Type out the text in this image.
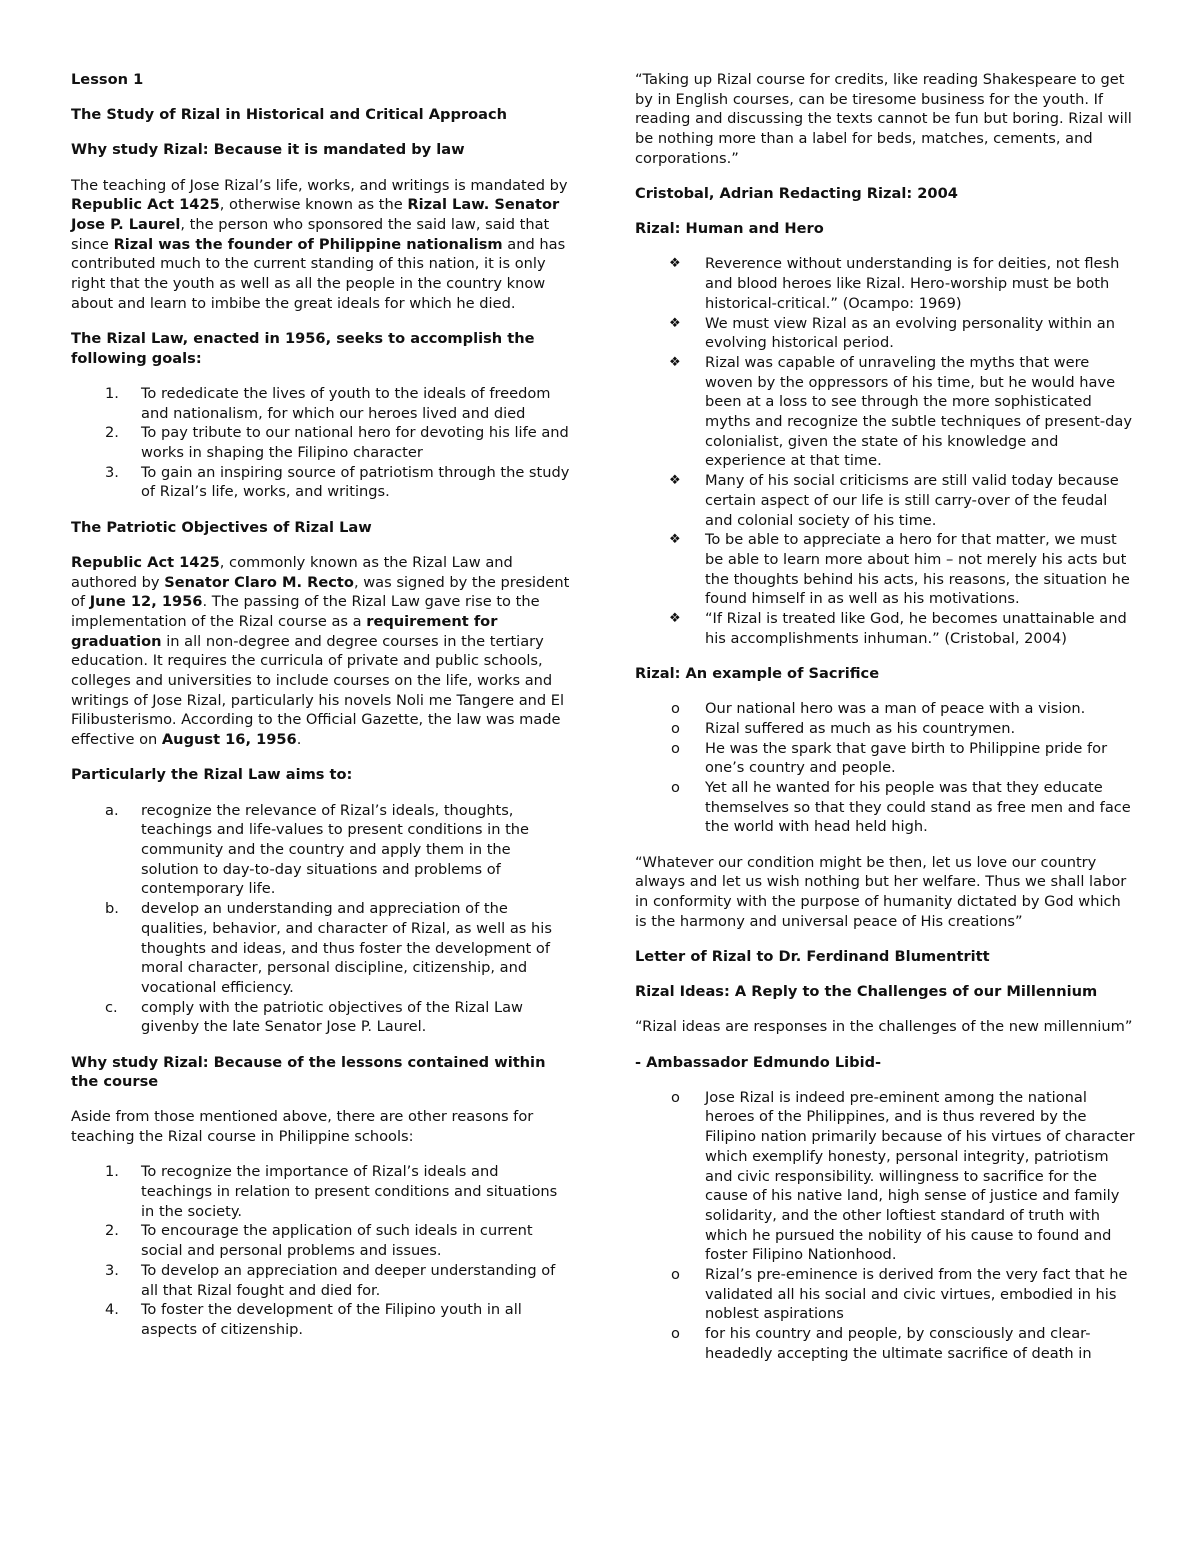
Lesson 1
The Study of Rizal in Historical and Critical Approach
Why study Rizal: Because it is mandated by law

The teaching of Jose Rizal’s life, works, and writings is mandated by Republic Act 1425, otherwise known as the Rizal Law. Senator Jose P. Laurel, the person who sponsored the said law, said that since Rizal was the founder of Philippine nationalism and has contributed much to the current standing of this nation, it is only right that the youth as well as all the people in the country know about and learn to imbibe the great ideals for which he died.

The Rizal Law, enacted in 1956, seeks to accomplish the following goals:
1. To rededicate the lives of youth to the ideals of freedom and nationalism, for which our heroes lived and died
2. To pay tribute to our national hero for devoting his life and works in shaping the Filipino character
3. To gain an inspiring source of patriotism through the study of Rizal’s life, works, and writings.
The Patriotic Objectives of Rizal Law

Republic Act 1425, commonly known as the Rizal Law and authored by Senator Claro M. Recto, was signed by the president of June 12, 1956. The passing of the Rizal Law gave rise to the implementation of the Rizal course as a requirement for graduation in all non-degree and degree courses in the tertiary education. It requires the curricula of private and public schools, colleges and universities to include courses on the life, works and writings of Jose Rizal, particularly his novels Noli me Tangere and El Filibusterismo. According to the Official Gazette, the law was made effective on August 16, 1956.

Particularly the Rizal Law aims to:
a. recognize the relevance of Rizal’s ideals, thoughts, teachings and life-values to present conditions in the community and the country and apply them in the solution to day-to-day situations and problems of contemporary life.
b. develop an understanding and appreciation of the qualities, behavior, and character of Rizal, as well as his thoughts and ideas, and thus foster the development of moral character, personal discipline, citizenship, and vocational efficiency.
c. comply with the patriotic objectives of the Rizal Law givenby the late Senator Jose P. Laurel.
Why study Rizal: Because of the lessons contained within the course

Aside from those mentioned above, there are other reasons for teaching the Rizal course in Philippine schools:

1. To recognize the importance of Rizal’s ideals and teachings in relation to present conditions and situations in the society.
2. To encourage the application of such ideals in current social and personal problems and issues.
3. To develop an appreciation and deeper understanding of all that Rizal fought and died for.
4. To foster the development of the Filipino youth in all aspects of citizenship.

“Taking up Rizal course for credits, like reading Shakespeare to get by in English courses, can be tiresome business for the youth. If reading and discussing the texts cannot be fun but boring. Rizal will be nothing more than a label for beds, matches, cements, and corporations.”

Cristobal, Adrian Redacting Rizal: 2004
Rizal: Human and Hero
❖ Reverence without understanding is for deities, not flesh and blood heroes like Rizal. Hero-worship must be both historical-critical.” (Ocampo: 1969)
❖ We must view Rizal as an evolving personality within an evolving historical period.
❖ Rizal was capable of unraveling the myths that were woven by the oppressors of his time, but he would have been at a loss to see through the more sophisticated myths and recognize the subtle techniques of present-day colonialist, given the state of his knowledge and experience at that time.
❖ Many of his social criticisms are still valid today because certain aspect of our life is still carry-over of the feudal and colonial society of his time.
❖ To be able to appreciate a hero for that matter, we must be able to learn more about him – not merely his acts but the thoughts behind his acts, his reasons, the situation he found himself in as well as his motivations.
❖ “If Rizal is treated like God, he becomes unattainable and his accomplishments inhuman.” (Cristobal, 2004)
Rizal: An example of Sacrifice
o Our national hero was a man of peace with a vision.
o Rizal suffered as much as his countrymen.
o He was the spark that gave birth to Philippine pride for one’s country and people.
o Yet all he wanted for his people was that they educate themselves so that they could stand as free men and face the world with head held high.

“Whatever our condition might be then, let us love our country always and let us wish nothing but her welfare. Thus we shall labor in conformity with the purpose of humanity dictated by God which is the harmony and universal peace of His creations”

Letter of Rizal to Dr. Ferdinand Blumentritt
Rizal Ideas: A Reply to the Challenges of our Millennium

“Rizal ideas are responses in the challenges of the new millennium”

- Ambassador Edmundo Libid-
o Jose Rizal is indeed pre-eminent among the national heroes of the Philippines, and is thus revered by the Filipino nation primarily because of his virtues of character which exemplify honesty, personal integrity, patriotism and civic responsibility. willingness to sacrifice for the cause of his native land, high sense of justice and family solidarity, and the other loftiest standard of truth with which he pursued the nobility of his cause to found and foster Filipino Nationhood.
o Rizal’s pre-eminence is derived from the very fact that he validated all his social and civic virtues, embodied in his noblest aspirations
o for his country and people, by consciously and clear-headedly accepting the ultimate sacrifice of death in
